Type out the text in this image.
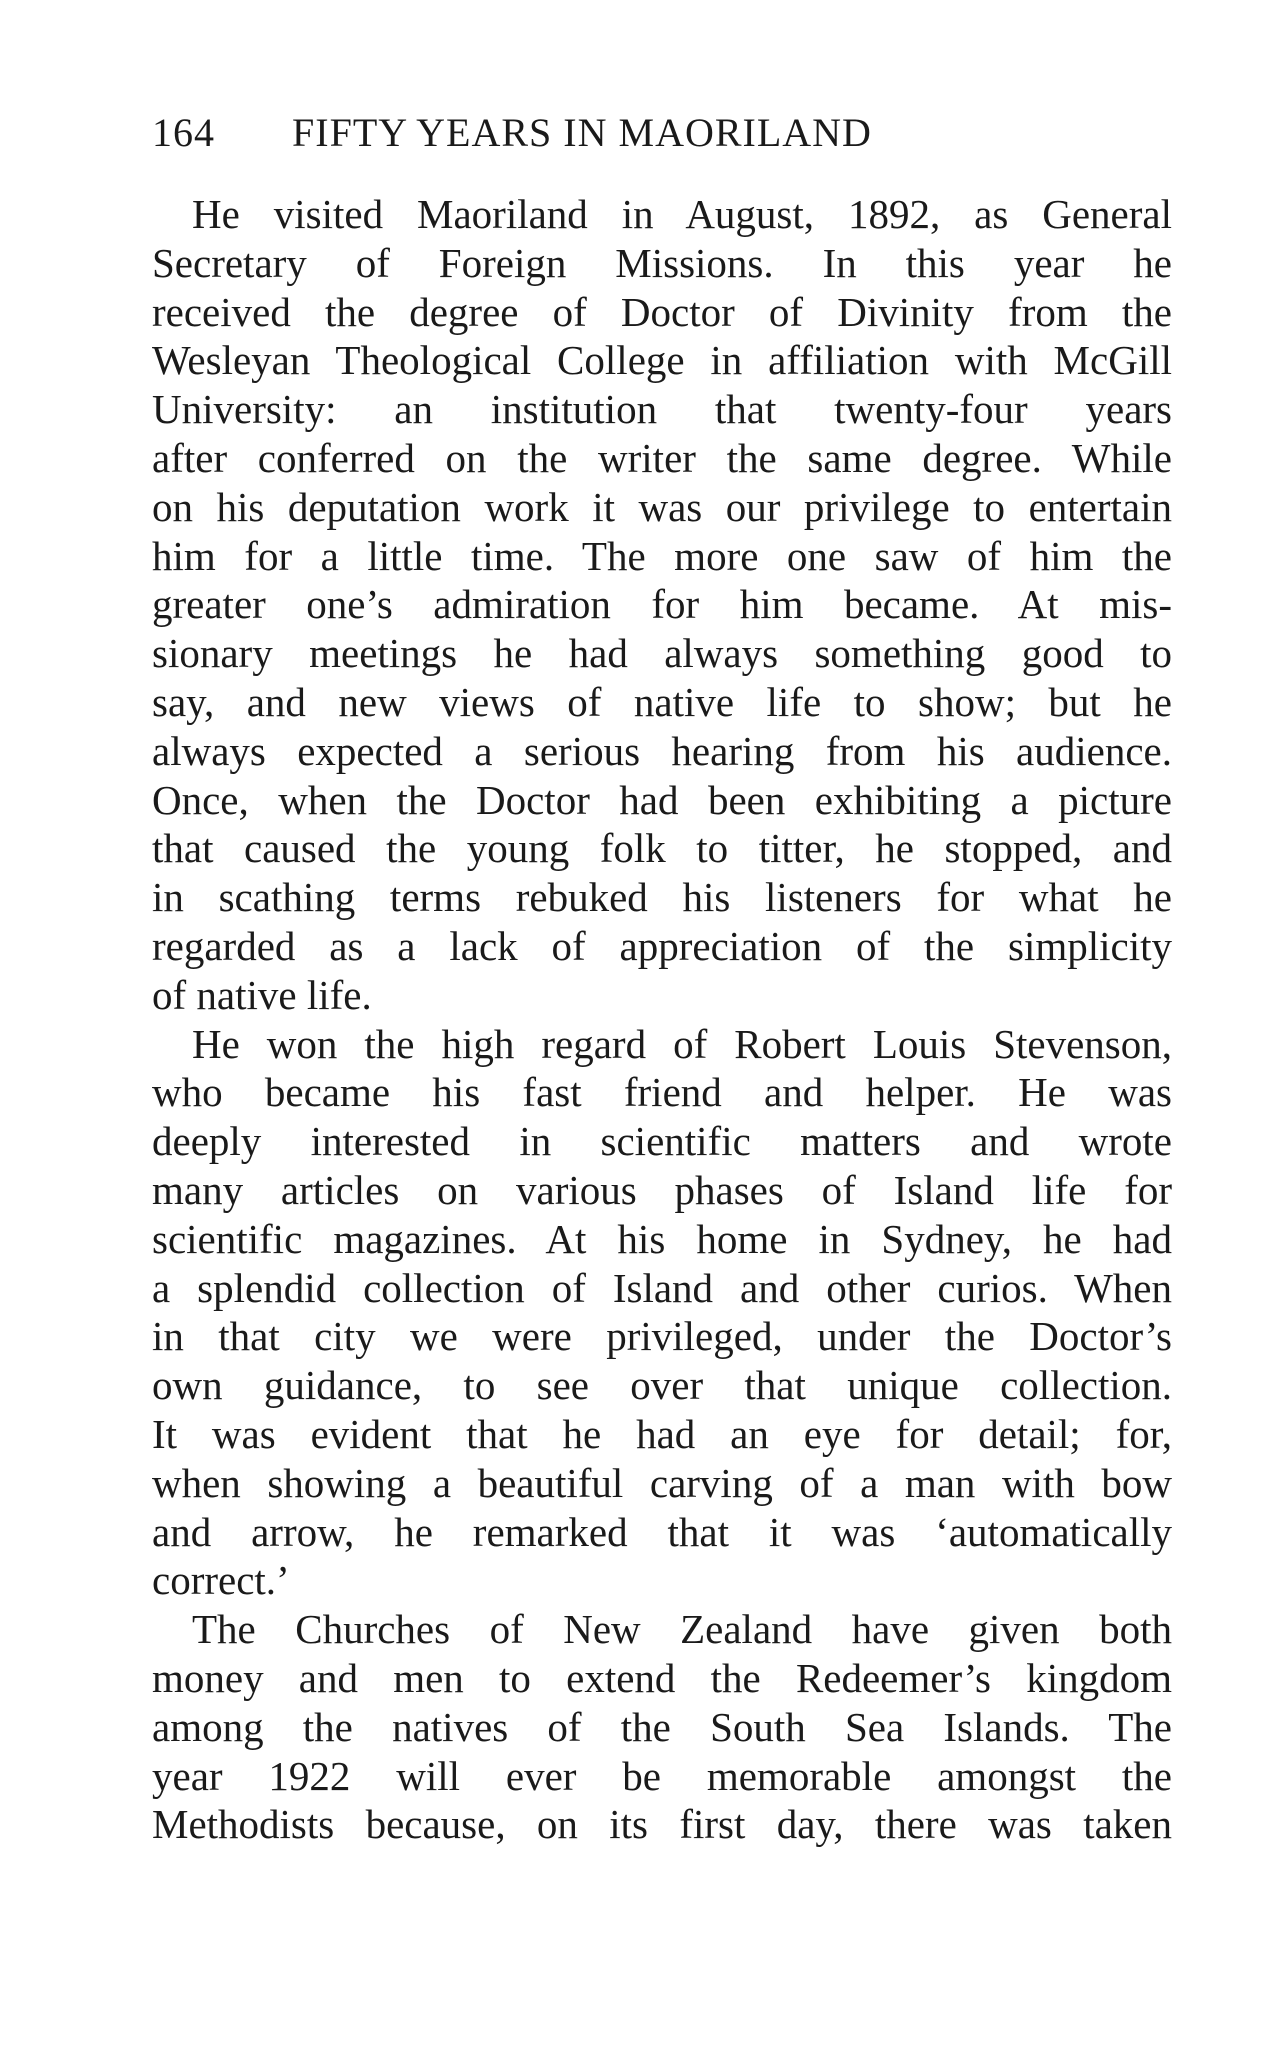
164 FIFTY YEARS IN MAORILAND
He visited Maoriland in August, 1892, as General
Secretary of Foreign Missions. In this year he
received the degree of Doctor of Divinity from the
Wesleyan Theological College in affiliation with McGill
University: an institution that twenty-four years
after conferred on the writer the same degree. While
on his deputation work it was our privilege to entertain
him for a little time. The more one saw of him the
greater one’s admiration for him became. At mis-
sionary meetings he had always something good to
say, and new views of native life to show; but he
always expected a serious hearing from his audience.
Once, when the Doctor had been exhibiting a picture
that caused the young folk to titter, he stopped, and
in scathing terms rebuked his listeners for what he
regarded as a lack of appreciation of the simplicity
of native life.
He won the high regard of Robert Louis Stevenson,
who became his fast friend and helper. He was
deeply interested in scientific matters and wrote
many articles on various phases of Island life for
scientific magazines. At his home in Sydney, he had
a splendid collection of Island and other curios. When
in that city we were privileged, under the Doctor’s
own guidance, to see over that unique collection.
It was evident that he had an eye for detail; for,
when showing a beautiful carving of a man with bow
and arrow, he remarked that it was ‘automatically
correct.’
The Churches of New Zealand have given both
money and men to extend the Redeemer’s kingdom
among the natives of the South Sea Islands. The
year 1922 will ever be memorable amongst the
Methodists because, on its first day, there was taken
